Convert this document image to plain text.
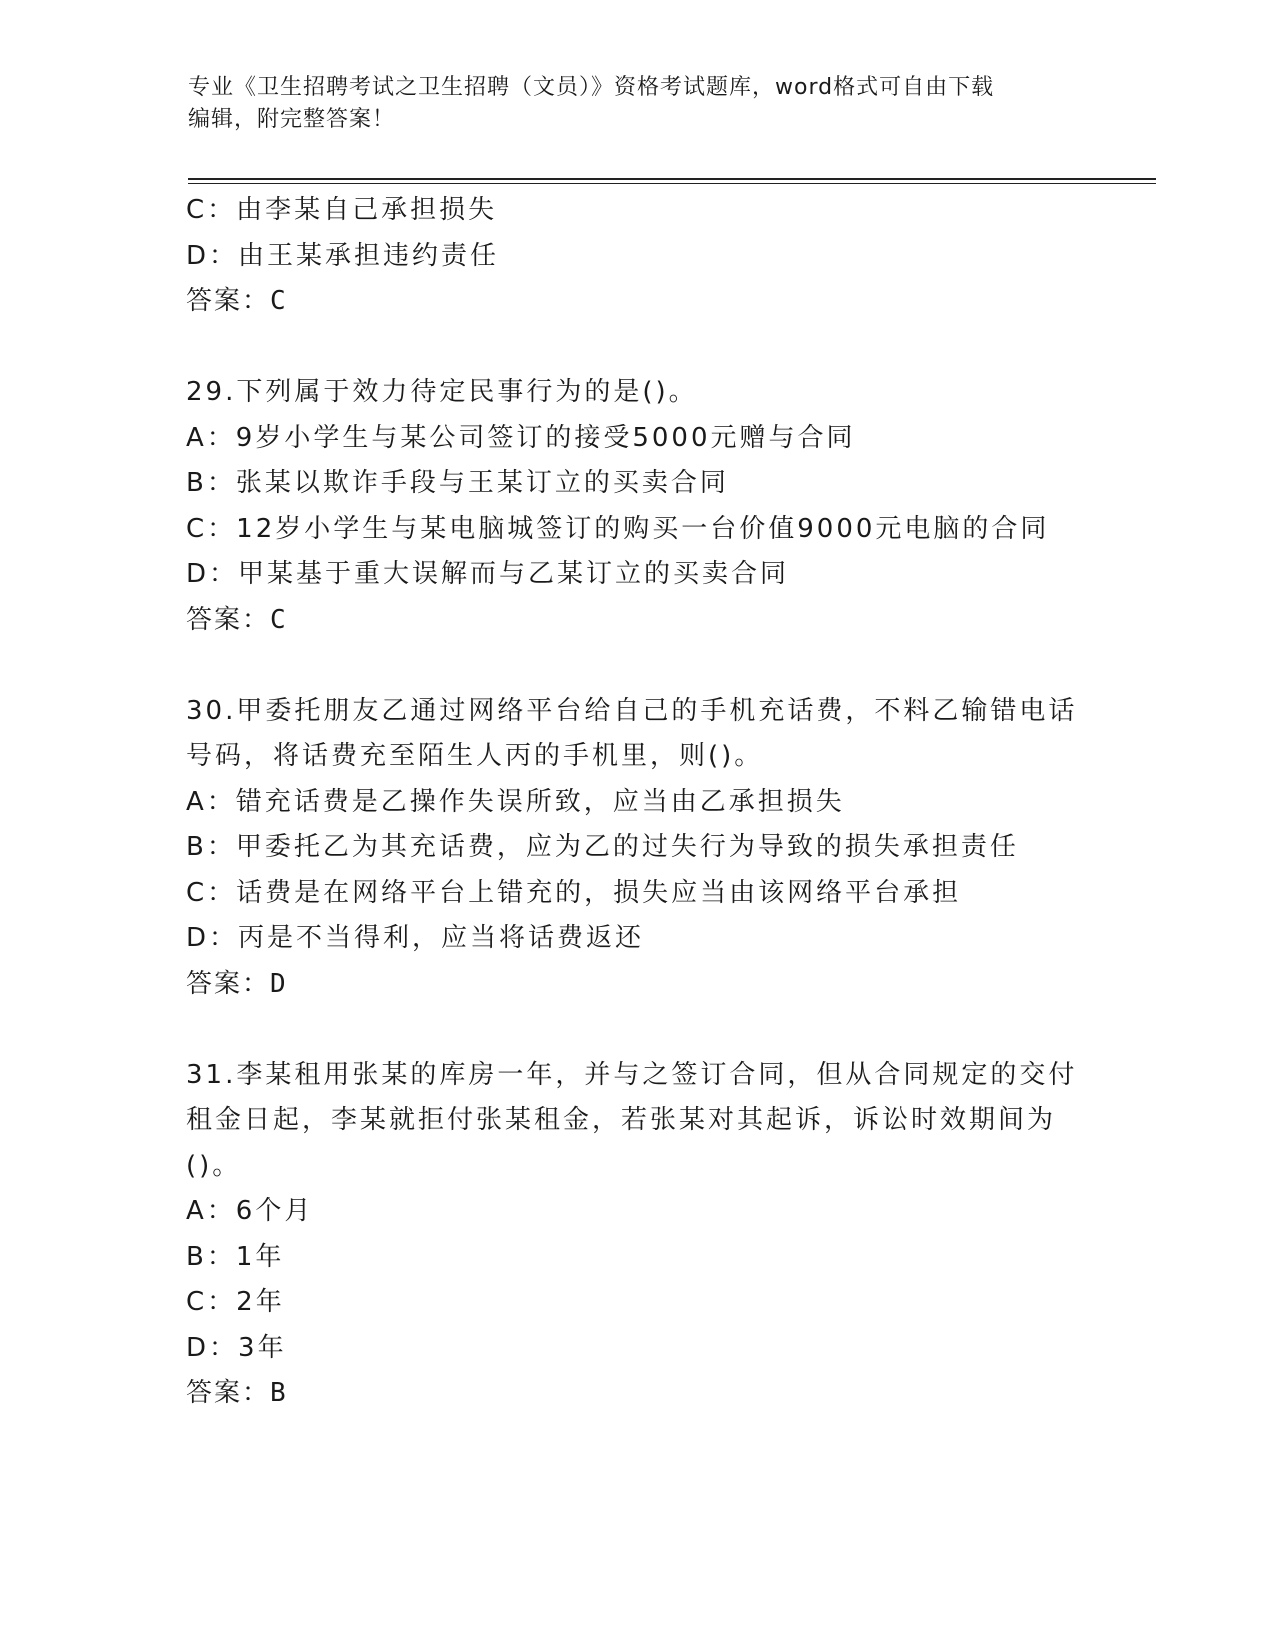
专业《卫生招聘考试之卫生招聘（文员）》资格考试题库，word格式可自由下载
编辑，附完整答案！
C：由李某自己承担损失
D：由王某承担违约责任
答案：C
29.下列属于效力待定民事行为的是()。
A：9岁小学生与某公司签订的接受5000元赠与合同
B：张某以欺诈手段与王某订立的买卖合同
C：12岁小学生与某电脑城签订的购买一台价值9000元电脑的合同
D：甲某基于重大误解而与乙某订立的买卖合同
答案：C
30.甲委托朋友乙通过网络平台给自己的手机充话费，不料乙输错电话
号码，将话费充至陌生人丙的手机里，则()。
A：错充话费是乙操作失误所致，应当由乙承担损失
B：甲委托乙为其充话费，应为乙的过失行为导致的损失承担责任
C：话费是在网络平台上错充的，损失应当由该网络平台承担
D：丙是不当得利，应当将话费返还
答案：D
31.李某租用张某的库房一年，并与之签订合同，但从合同规定的交付
租金日起，李某就拒付张某租金，若张某对其起诉，诉讼时效期间为
()。
A：6个月
B：1年
C：2年
D：3年
答案：B
